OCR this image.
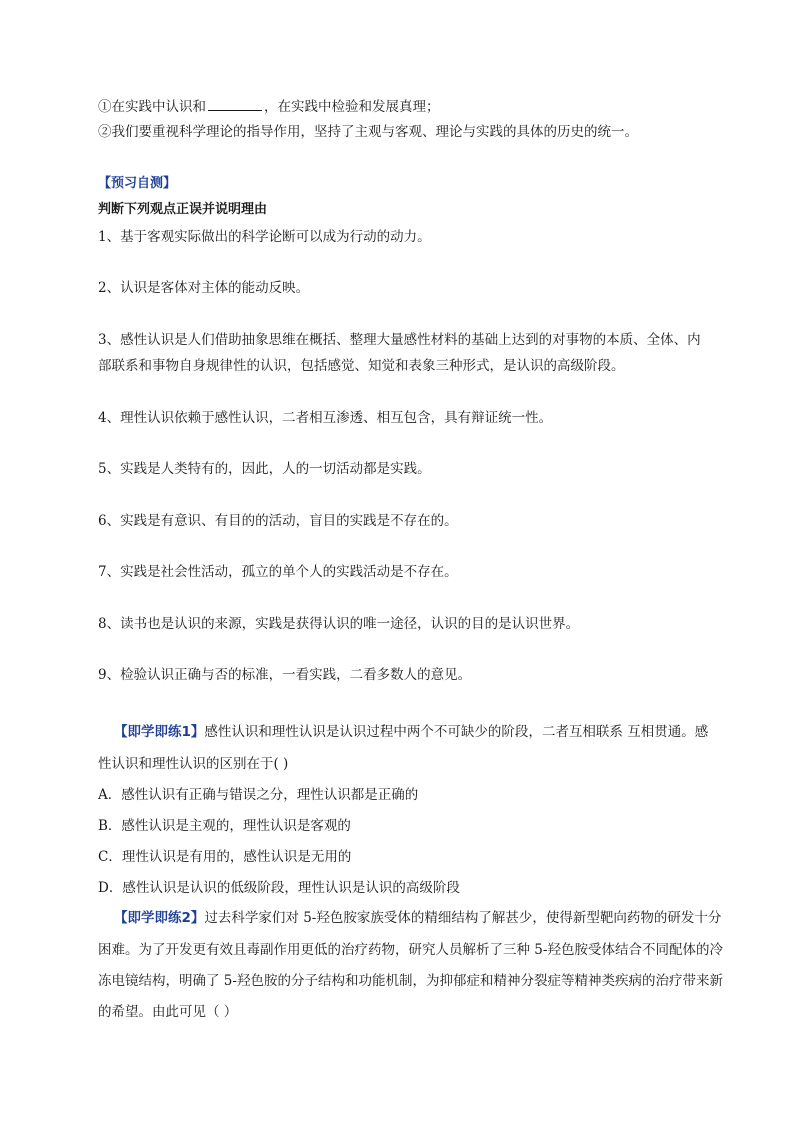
①在实践中认识和	，在实践中检验和发展真理；
②我们要重视科学理论的指导作用，坚持了主观与客观、理论与实践的具体的历史的统一。
【预习自测】
判断下列观点正误并说明理由
1、基于客观实际做出的科学论断可以成为行动的动力。
2、认识是客体对主体的能动反映。
3、感性认识是人们借助抽象思维在概括、整理大量感性材料的基础上达到的对事物的本质、全体、内
部联系和事物自身规律性的认识，包括感觉、知觉和表象三种形式，是认识的高级阶段。
4、理性认识依赖于感性认识，二者相互渗透、相互包含，具有辩证统一性。
5、实践是人类特有的，因此，人的一切活动都是实践。
6、实践是有意识、有目的的活动，盲目的实践是不存在的。
7、实践是社会性活动，孤立的单个人的实践活动是不存在。
8、读书也是认识的来源，实践是获得认识的唯一途径，认识的目的是认识世界。
9、检验认识正确与否的标准，一看实践，二看多数人的意见。
【即学即练1】感性认识和理性认识是认识过程中两个不可缺少的阶段，二者互相联系 互相贯通。感
性认识和理性认识的区别在于( )
A．感性认识有正确与错误之分，理性认识都是正确的
B．感性认识是主观的，理性认识是客观的
C．理性认识是有用的，感性认识是无用的
D．感性认识是认识的低级阶段，理性认识是认识的高级阶段
【即学即练2】过去科学家们对 5-羟色胺家族受体的精细结构了解甚少，使得新型靶向药物的研发十分
困难。为了开发更有效且毒副作用更低的治疗药物，研究人员解析了三种 5-羟色胺受体结合不同配体的冷
冻电镜结构，明确了 5-羟色胺的分子结构和功能机制，为抑郁症和精神分裂症等精神类疾病的治疗带来新
的希望。由此可见（ ）
